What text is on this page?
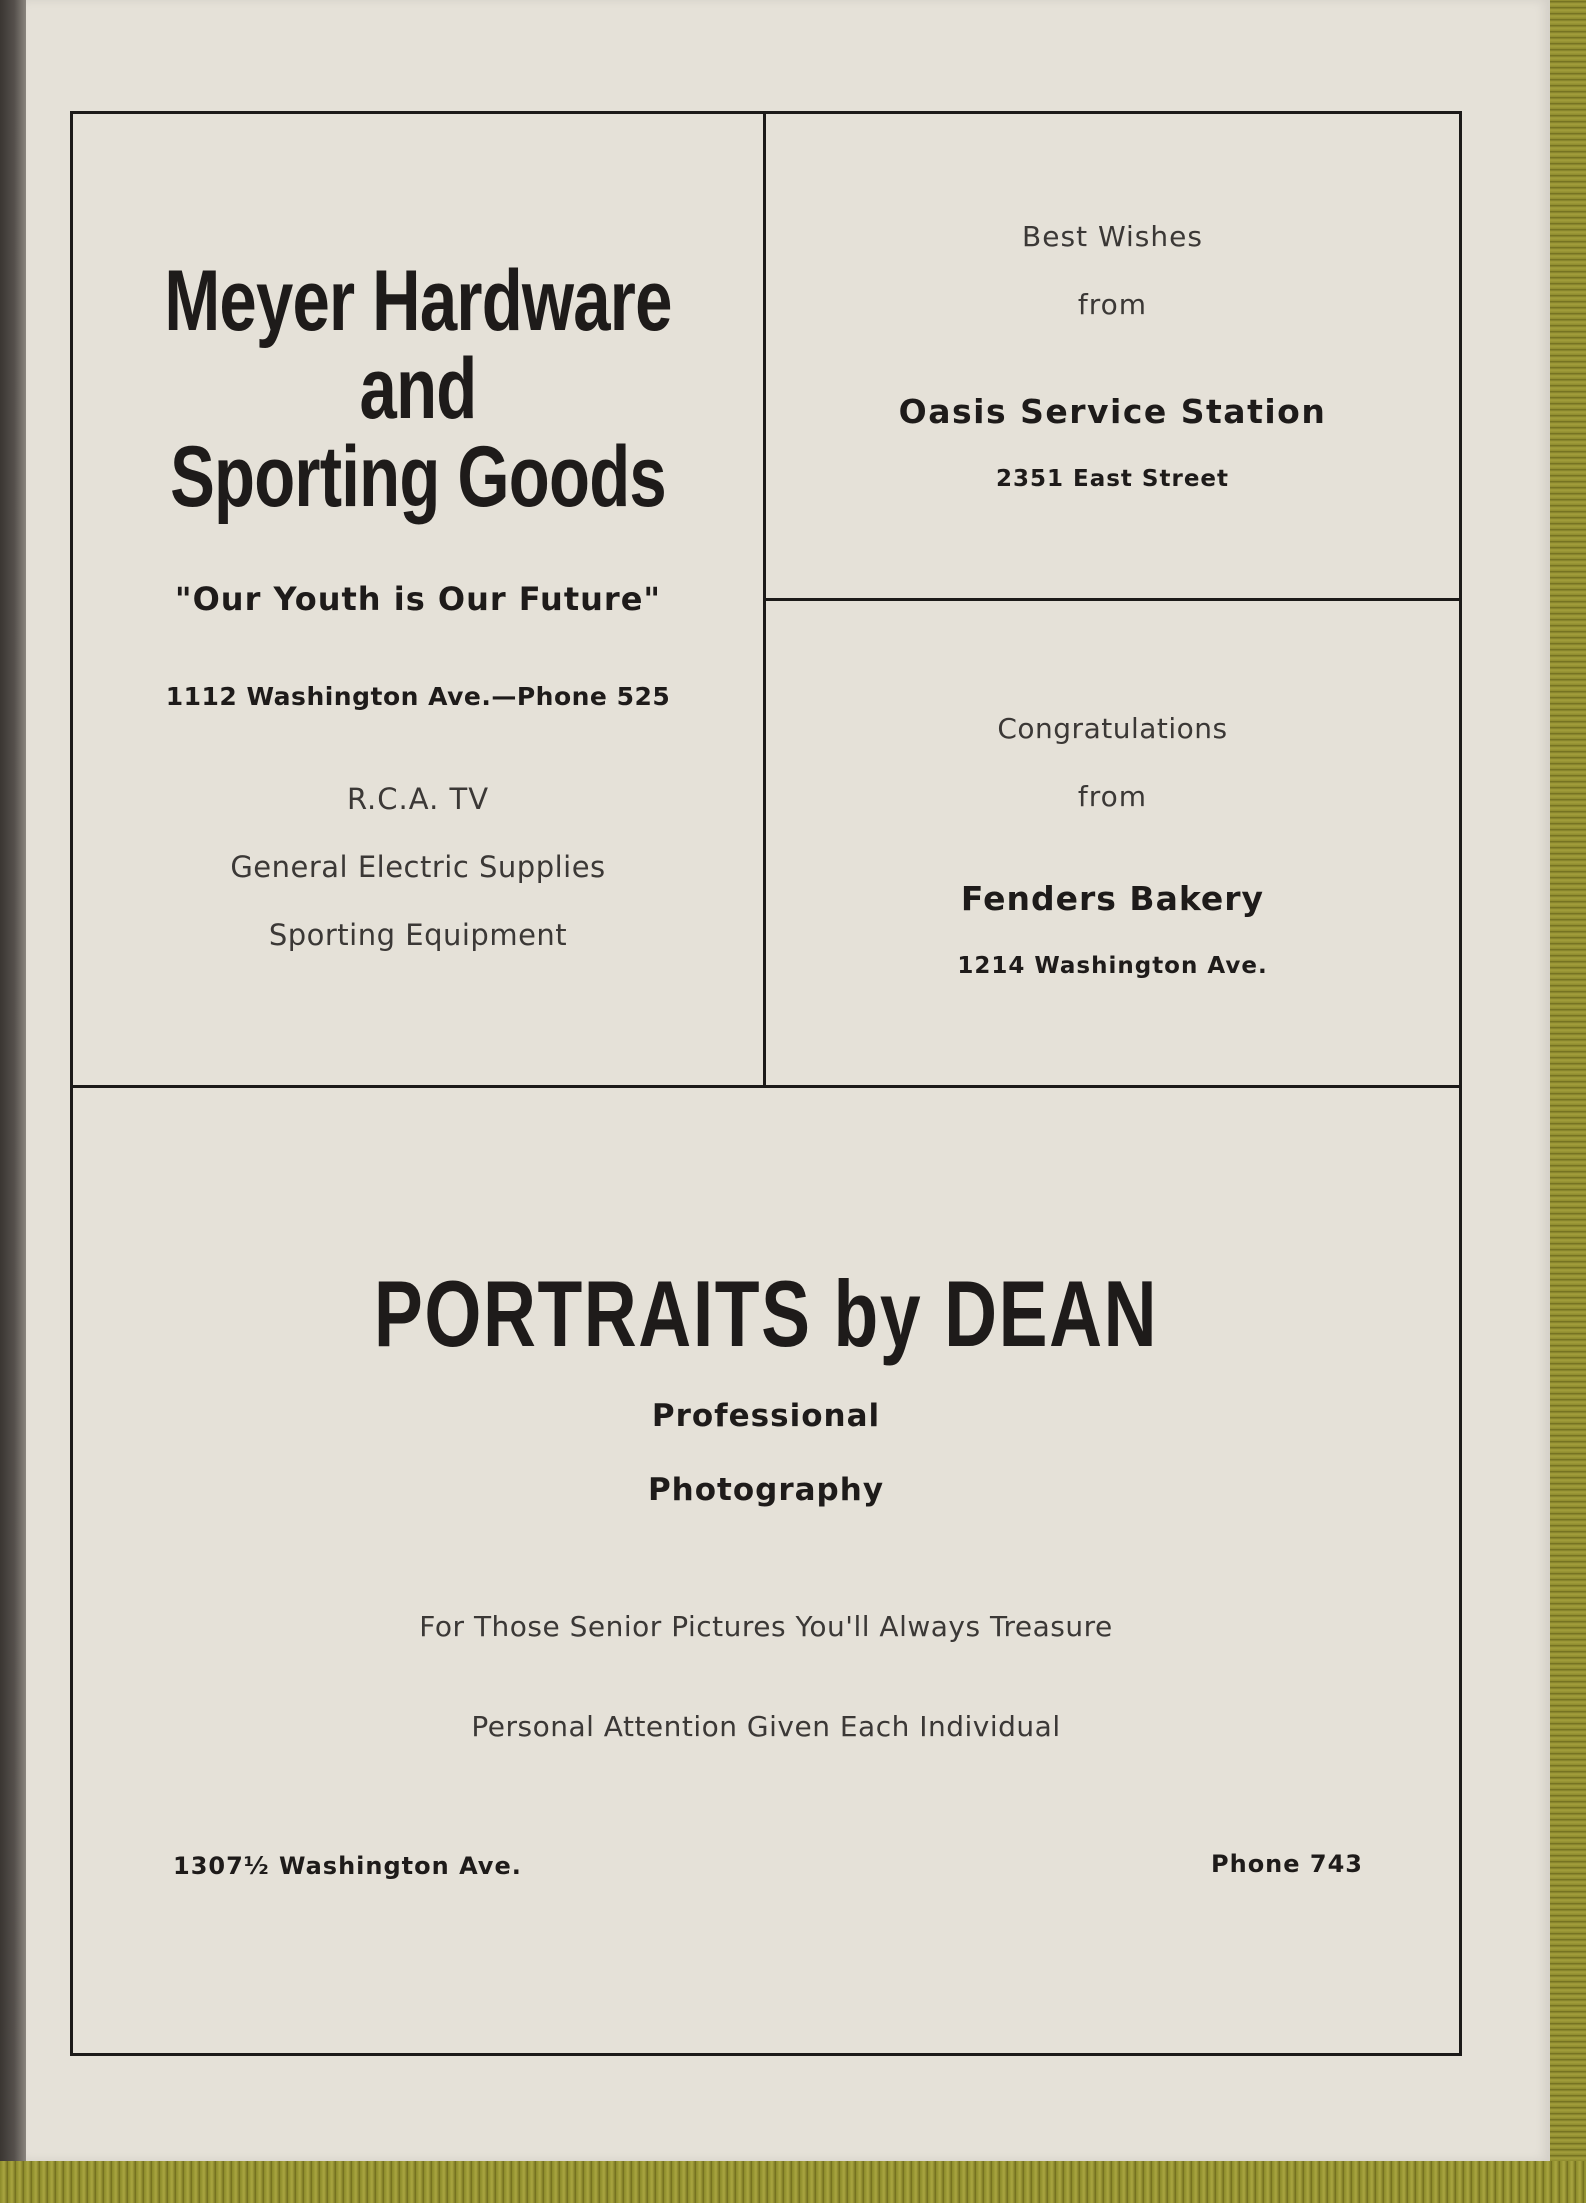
Meyer Hardware

and

Sporting Goods

"Our Youth is Our Future"

1112 Washington Ave.—Phone 525

R.C.A. TV

General Electric Supplies

Sporting Equipment

Best Wishes

from

Oasis Service Station

2351 East Street

Congratulations

from

Fenders Bakery

1214 Washington Ave.

PORTRAITS by DEAN

Professional

Photography

For Those Senior Pictures You'll Always Treasure

Personal Attention Given Each Individual

1307½ Washington Ave.	Phone 743
